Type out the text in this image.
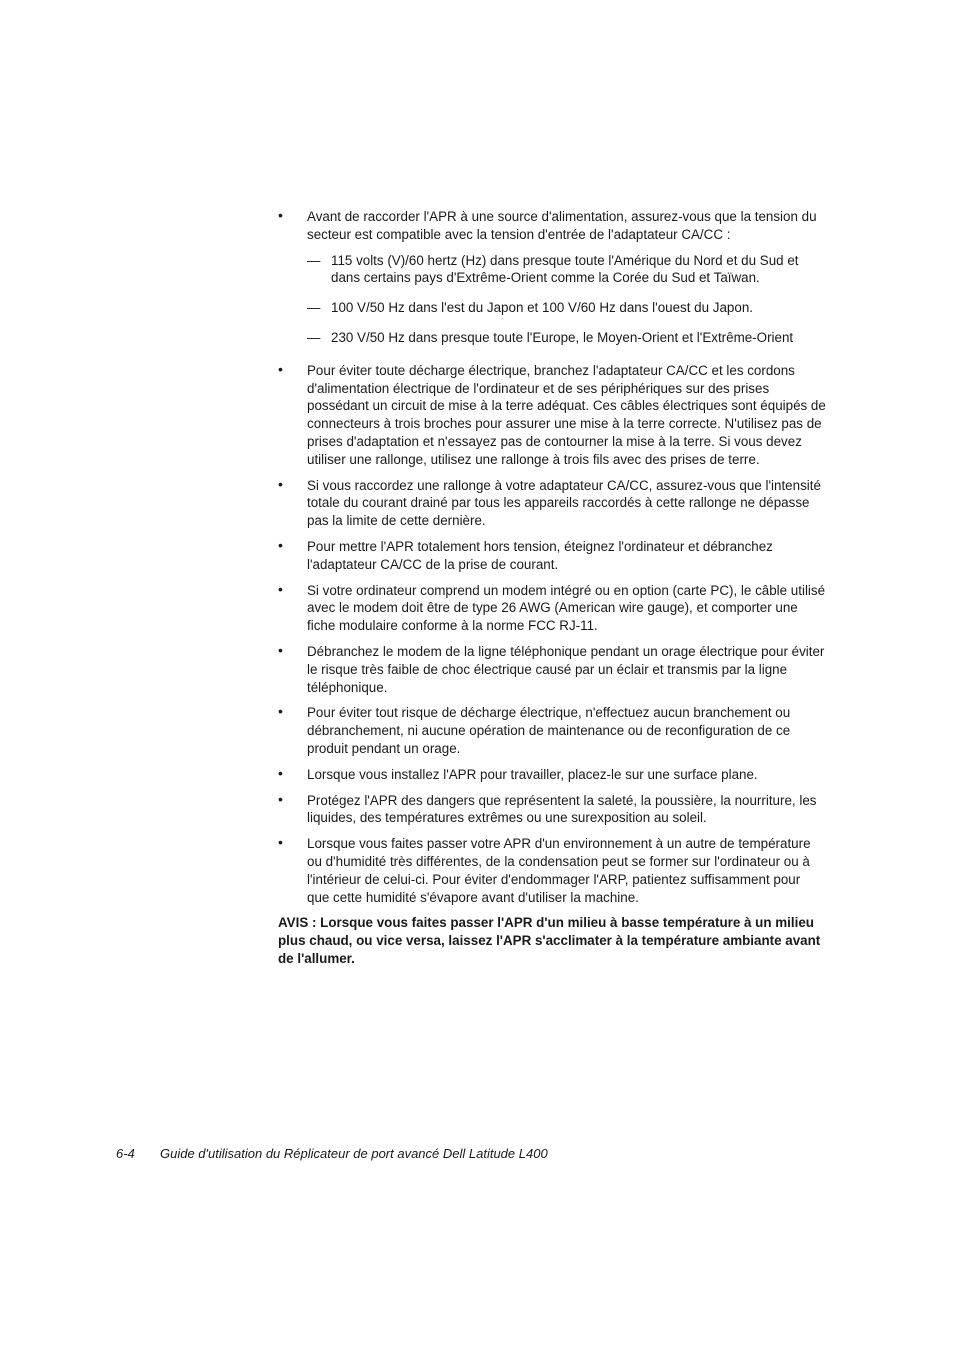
• Avant de raccorder l'APR à une source d'alimentation, assurez-vous que la tension du secteur est compatible avec la tension d'entrée de l'adaptateur CA/CC :
— 115 volts (V)/60 hertz (Hz) dans presque toute l'Amérique du Nord et du Sud et dans certains pays d'Extrême-Orient comme la Corée du Sud et Taïwan.
— 100 V/50 Hz dans l'est du Japon et 100 V/60 Hz dans l'ouest du Japon.
— 230 V/50 Hz dans presque toute l'Europe, le Moyen-Orient et l'Extrême-Orient
• Pour éviter toute décharge électrique, branchez l'adaptateur CA/CC et les cordons d'alimentation électrique de l'ordinateur et de ses périphériques sur des prises possédant un circuit de mise à la terre adéquat. Ces câbles électriques sont équipés de connecteurs à trois broches pour assurer une mise à la terre correcte. N'utilisez pas de prises d'adaptation et n'essayez pas de contourner la mise à la terre. Si vous devez utiliser une rallonge, utilisez une rallonge à trois fils avec des prises de terre.
• Si vous raccordez une rallonge à votre adaptateur CA/CC, assurez-vous que l'intensité totale du courant drainé par tous les appareils raccordés à cette rallonge ne dépasse pas la limite de cette dernière.
• Pour mettre l'APR totalement hors tension, éteignez l'ordinateur et débranchez l'adaptateur CA/CC de la prise de courant.
• Si votre ordinateur comprend un modem intégré ou en option (carte PC), le câble utilisé avec le modem doit être de type 26 AWG (American wire gauge), et comporter une fiche modulaire conforme à la norme FCC RJ-11.
• Débranchez le modem de la ligne téléphonique pendant un orage électrique pour éviter le risque très faible de choc électrique causé par un éclair et transmis par la ligne téléphonique.
• Pour éviter tout risque de décharge électrique, n'effectuez aucun branchement ou débranchement, ni aucune opération de maintenance ou de reconfiguration de ce produit pendant un orage.
• Lorsque vous installez l'APR pour travailler, placez-le sur une surface plane.
• Protégez l'APR des dangers que représentent la saleté, la poussière, la nourriture, les liquides, des températures extrêmes ou une surexposition au soleil.
• Lorsque vous faites passer votre APR d'un environnement à un autre de température ou d'humidité très différentes, de la condensation peut se former sur l'ordinateur ou à l'intérieur de celui-ci. Pour éviter d'endommager l'ARP, patientez suffisamment pour que cette humidité s'évapore avant d'utiliser la machine.
AVIS : Lorsque vous faites passer l'APR d'un milieu à basse température à un milieu plus chaud, ou vice versa, laissez l'APR s'acclimater à la température ambiante avant de l'allumer.
6-4 Guide d'utilisation du Réplicateur de port avancé Dell Latitude L400
